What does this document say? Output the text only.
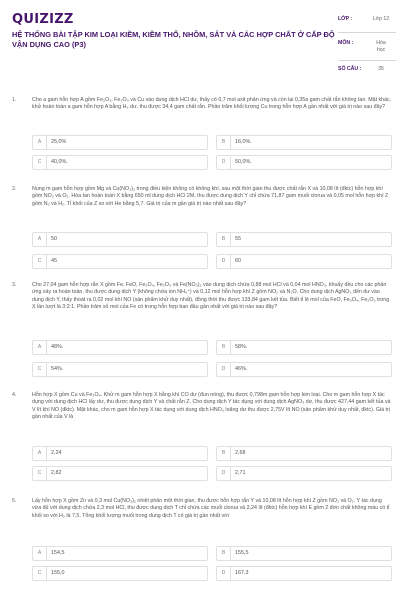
QUIZIZZ
HỆ THỐNG BÀI TẬP KIM LOẠI KIỀM, KIỀM THỔ, NHÔM, SẮT VÀ CÁC HỢP CHẤT Ở CẤP ĐỘ VẬN DỤNG CAO (P3)
LỚP :	Lớp 12
MÔN :	Hóa học
SỐ CÂU :	35
1.	Cho a gam hỗn hợp A gồm Fe₂O₃, Fe₃O₄ và Cu vào dung dịch HCl dư, thấy có 0,7 mol axit phản ứng và còn lại 0,35a gam chất rắn không tan. Mặt khác, khử hoàn toàn a gam hỗn hợp A bằng H₂ dư, thu được 34,4 gam chất rắn. Phần trăm khối lượng Cu trong hỗn hợp A gần nhất với giá trị nào sau đây?
A	25,0%	B	16,0%.
C	40,0%.	D	50,0%.
2.	Nung m gam hỗn hợp gồm Mg và Cu(NO₃)₂ trong điều kiện không có không khí, sau một thời gian thu được chất rắn X và 10,08 lít (đktc) hỗn hợp khí gồm NO₂ và O₂. Hòa tan hoàn toàn X bằng 650 ml dung dịch HCl 2M, thu được dung dịch Y chỉ chứa 71,87 gam muối clorua và 0,05 mol hỗn hợp khí Z gồm N₂ và H₂. Tỉ khối của Z so với He bằng 5,7. Giá trị của m gần giá trị nào nhất sau đây?
A	50	B	55
C	45	D	60
3.	Cho 27,04 gam hỗn hợp rắn X gồm Fe, FeO, Fe₃O₄, Fe₂O₃ và Fe(NO₃)₂ vào dung dịch chứa 0,88 mol HCl và 0,04 mol HNO₃, khuấy đều cho các phản ứng xảy ra hoàn toàn, thu được dung dịch Y (không chứa ion NH₄⁺) và 0,12 mol hỗn hợp khí Z gồm NO₂ và N₂O. Cho dung dịch AgNO₃ đến dư vào dung dịch Y, thấy thoát ra 0,02 mol khí NO (sản phẩm khử duy nhất), đồng thời thu được 133,84 gam kết tủa. Biết tỉ lệ mol của FeO, Fe₃O₄, Fe₂O₃ trong X lần lượt là 3:2:1. Phần trăm số mol của Fe có trong hỗn hợp ban đầu gần nhất với giá trị nào sau đây?
A	48%.	B	58%.
C	54%.	D	46%.
4.	Hỗn hợp X gồm Cu và Fe₃O₄. Khử m gam hỗn hợp X bằng khí CO dư (đun nóng), thu được 0,798m gam hỗn hợp kim loại. Cho m gam hỗn hợp X tác dụng với dung dịch HCl lấy dư, thu được dung dịch Y và chất rắn Z. Cho dung dịch Y tác dụng với dung dịch AgNO₃ dư, thu được 427,44 gam kết tủa và V lít khí NO (đktc). Mặt khác, cho m gam hỗn hợp X tác dụng với dung dịch HNO₃ loãng dư thu được 2,75V lít NO (sản phẩm khử duy nhất, đktc). Giá trị gần nhất của V là
A	2,24	B	2,68
C	2,82	D	2,71
5.	Lấy hỗn hợp X gồm Zn và 0,3 mol Cu(NO₃)₂ nhiệt phân một thời gian, thu được hỗn hợp rắn Y và 10,08 lít hỗn hợp khí Z gồm NO₂ và O₂. Y tác dụng vừa đủ với dung dịch chứa 2,3 mol HCl, thu được dung dịch T chỉ chứa các muối clorua và 2,24 lít (đktc) hỗn hợp khí E gồm 2 đơn chất không màu có tỉ khối so với H₂ là 7,5. Tổng khối lượng muối trong dung dịch T có giá trị gần nhất với
A	154,5	B	155,5
C	155,0	D	167,3
